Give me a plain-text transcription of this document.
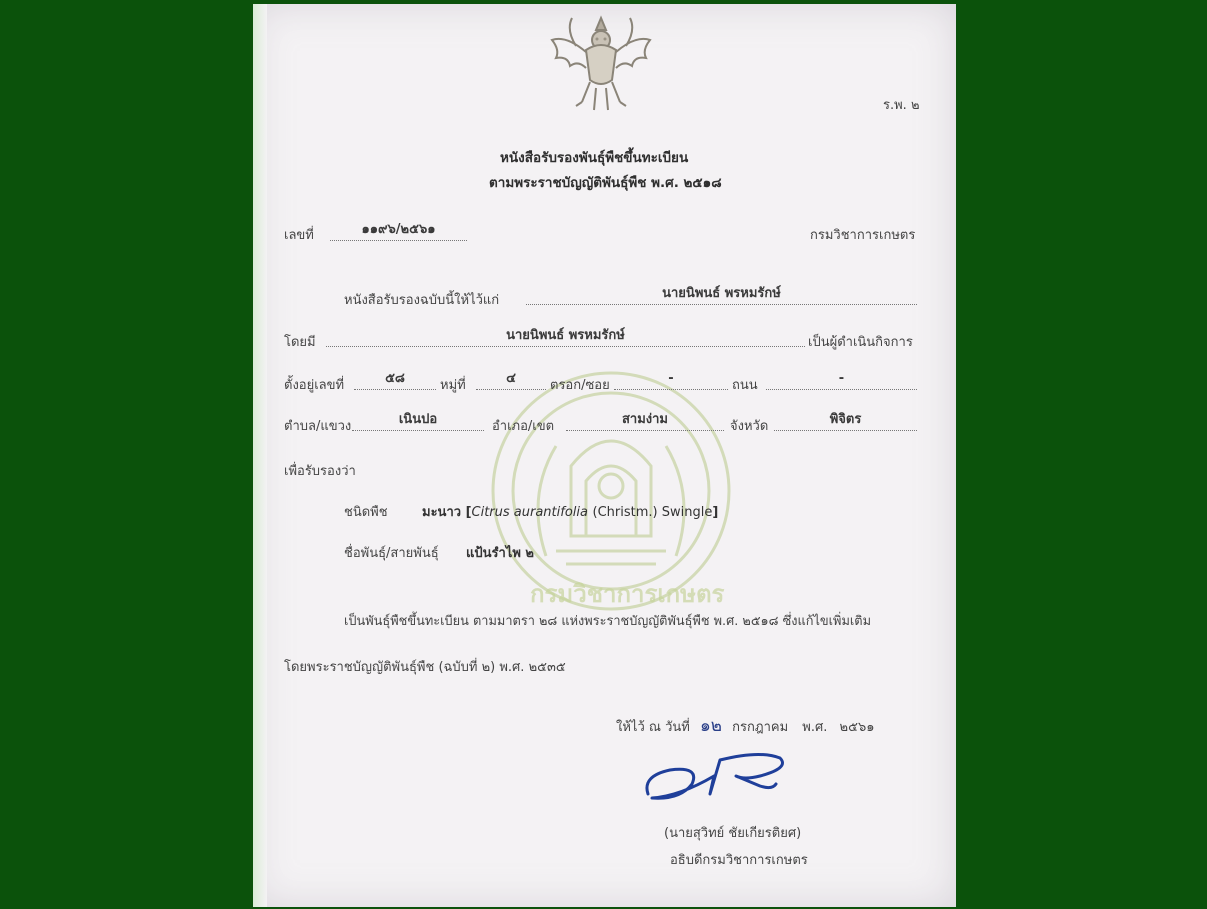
ร.พ. ๒
หนังสือรับรองพันธุ์พืชขึ้นทะเบียน
ตามพระราชบัญญัติพันธุ์พืช พ.ศ. ๒๕๑๘
กรมวิชาการเกษตร
เลขที่	๑๑๙๖/๒๕๖๑	กรมวิชาการเกษตร
หนังสือรับรองฉบับนี้ให้ไว้แก่	นายนิพนธ์ พรหมรักษ์
โดยมี	นายนิพนธ์ พรหมรักษ์	เป็นผู้ดำเนินกิจการ
ตั้งอยู่เลขที่	๕๘	หมู่ที่	๔	ตรอก/ซอย	-	ถนน	-
ตำบล/แขวง	เนินปอ	อำเภอ/เขต	สามง่าม	จังหวัด	พิจิตร
เพื่อรับรองว่า
ชนิดพืช	มะนาว [Citrus aurantifolia (Christm.) Swingle]
ชื่อพันธุ์/สายพันธุ์ แป้นรำไพ ๒
เป็นพันธุ์พืชขึ้นทะเบียน ตามมาตรา ๒๘ แห่งพระราชบัญญัติพันธุ์พืช พ.ศ. ๒๕๑๘ ซึ่งแก้ไขเพิ่มเติม
โดยพระราชบัญญัติพันธุ์พืช (ฉบับที่ ๒) พ.ศ. ๒๕๓๕
ให้ไว้ ณ วันที่ ๑๒ กรกฎาคม พ.ศ. ๒๕๖๑
(นายสุวิทย์ ชัยเกียรติยศ)
อธิบดีกรมวิชาการเกษตร
